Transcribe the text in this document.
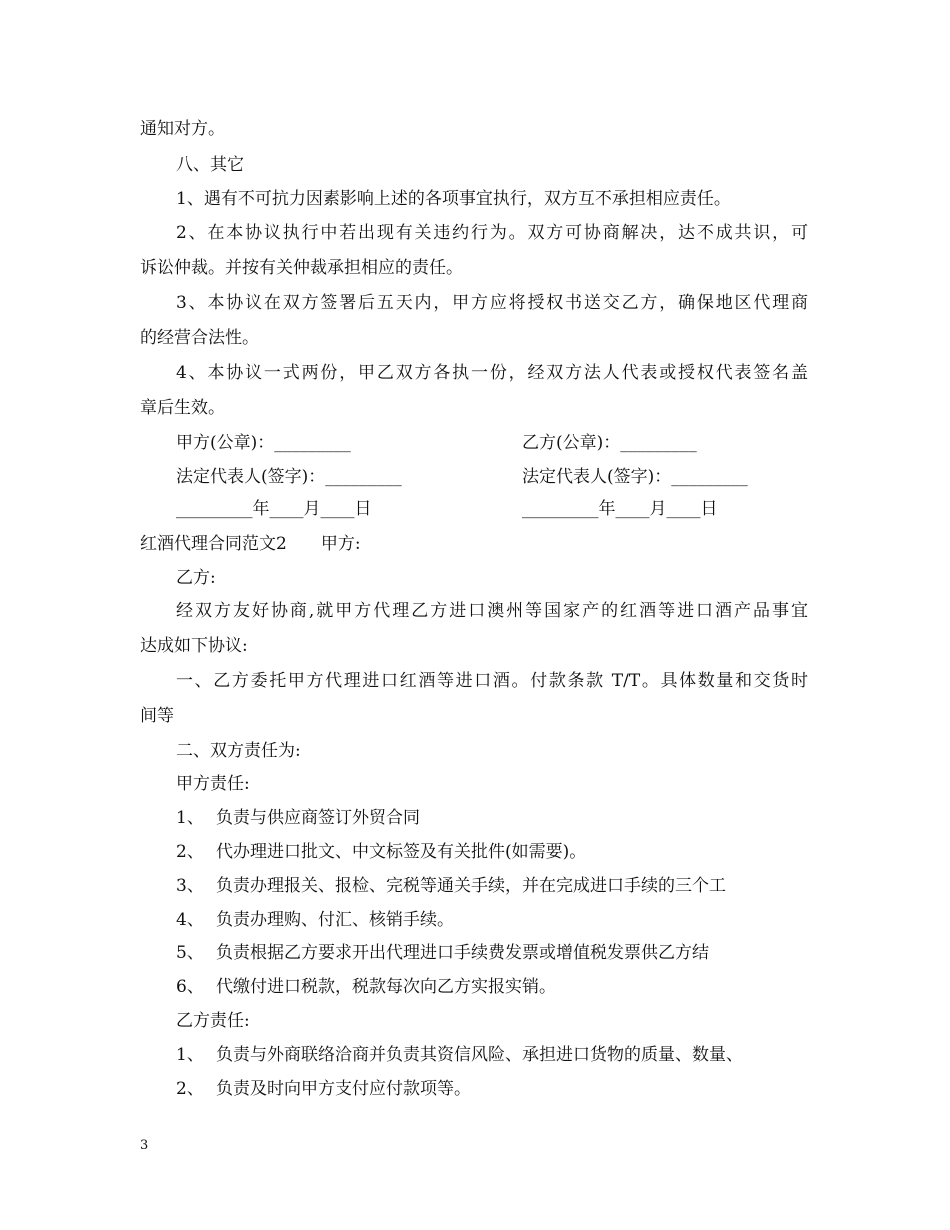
通知对方。
八、其它
1、遇有不可抗力因素影响上述的各项事宜执行，双方互不承担相应责任。
2、在本协议执行中若出现有关违约行为。双方可协商解决，达不成共识，可
诉讼仲裁。并按有关仲裁承担相应的责任。
3、本协议在双方签署后五天内，甲方应将授权书送交乙方，确保地区代理商
的经营合法性。
4、本协议一式两份，甲乙双方各执一份，经双方法人代表或授权代表签名盖
章后生效。
甲方(公章)：_________	乙方(公章)：_________
法定代表人(签字)：_________	法定代表人(签字)：_________
_________年____月____日	_________年____月____日
红酒代理合同范文2　　甲方:
乙方:
经双方友好协商,就甲方代理乙方进口澳州等国家产的红酒等进口酒产品事宜
达成如下协议:
一、乙方委托甲方代理进口红酒等进口酒。付款条款 T/T。具体数量和交货时
间等
二、双方责任为:
甲方责任:
1、 负责与供应商签订外贸合同
2、 代办理进口批文、中文标签及有关批件(如需要)。
3、 负责办理报关、报检、完税等通关手续，并在完成进口手续的三个工
4、 负责办理购、付汇、核销手续。
5、 负责根据乙方要求开出代理进口手续费发票或增值税发票供乙方结
6、 代缴付进口税款，税款每次向乙方实报实销。
乙方责任:
1、 负责与外商联络洽商并负责其资信风险、承担进口货物的质量、数量、
2、 负责及时向甲方支付应付款项等。
3
